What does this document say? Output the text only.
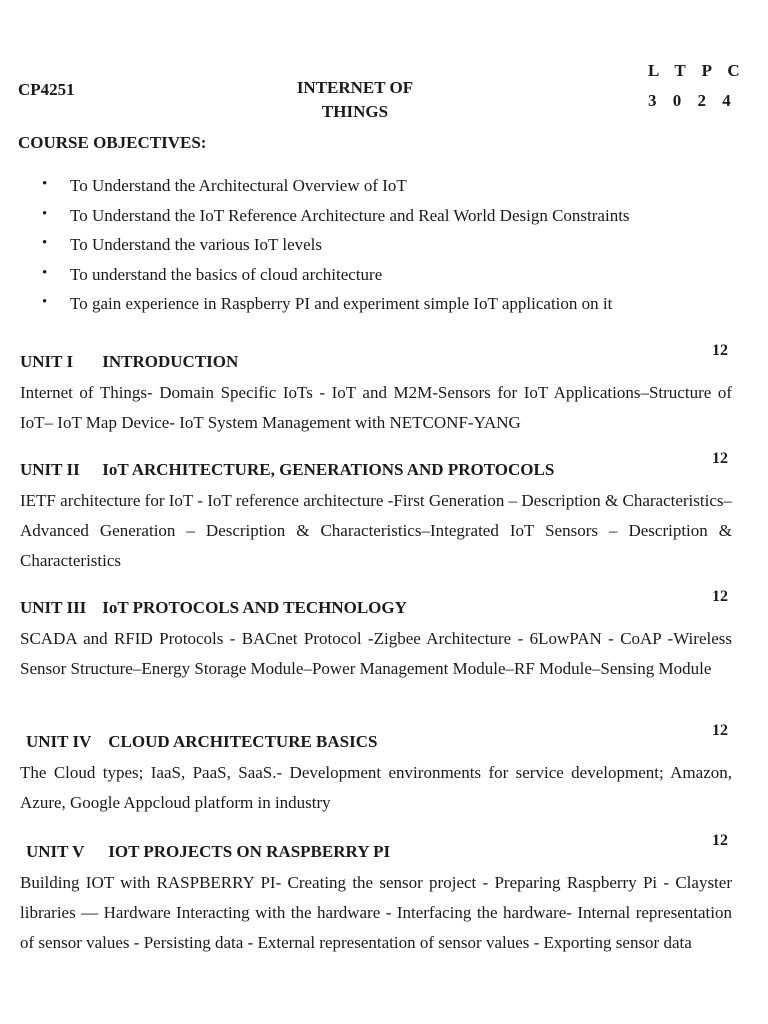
CP4251	INTERNET OF
THINGS
L T P C
3 0 2 4
COURSE OBJECTIVES:
•	To Understand the Architectural Overview of IoT
•	To Understand the IoT Reference Architecture and Real World Design Constraints
•	To Understand the various IoT levels
•	To understand the basics of cloud architecture
•	To gain experience in Raspberry PI and experiment simple IoT application on it
UNIT I INTRODUCTION
12
Internet of Things- Domain Specific IoTs - IoT and M2M-Sensors for IoT Applications–Structure of IoT– IoT Map Device- IoT System Management with NETCONF-YANG
UNIT II IoT ARCHITECTURE, GENERATIONS AND PROTOCOLS
12
IETF architecture for IoT - IoT reference architecture -First Generation – Description & Characteristics–Advanced Generation – Description & Characteristics–Integrated IoT Sensors – Description & Characteristics
UNIT III IoT PROTOCOLS AND TECHNOLOGY
12
SCADA and RFID Protocols - BACnet Protocol -Zigbee Architecture - 6LowPAN - CoAP -Wireless Sensor Structure–Energy Storage Module–Power Management Module–RF Module–Sensing Module
UNIT IV CLOUD ARCHITECTURE BASICS
12
The Cloud types; IaaS, PaaS, SaaS.- Development environments for service development; Amazon, Azure, Google Appcloud platform in industry
UNIT V IOT PROJECTS ON RASPBERRY PI
12
Building IOT with RASPBERRY PI- Creating the sensor project - Preparing Raspberry Pi - Clayster libraries — Hardware Interacting with the hardware - Interfacing the hardware- Internal representation of sensor values - Persisting data - External representation of sensor values - Exporting sensor data
